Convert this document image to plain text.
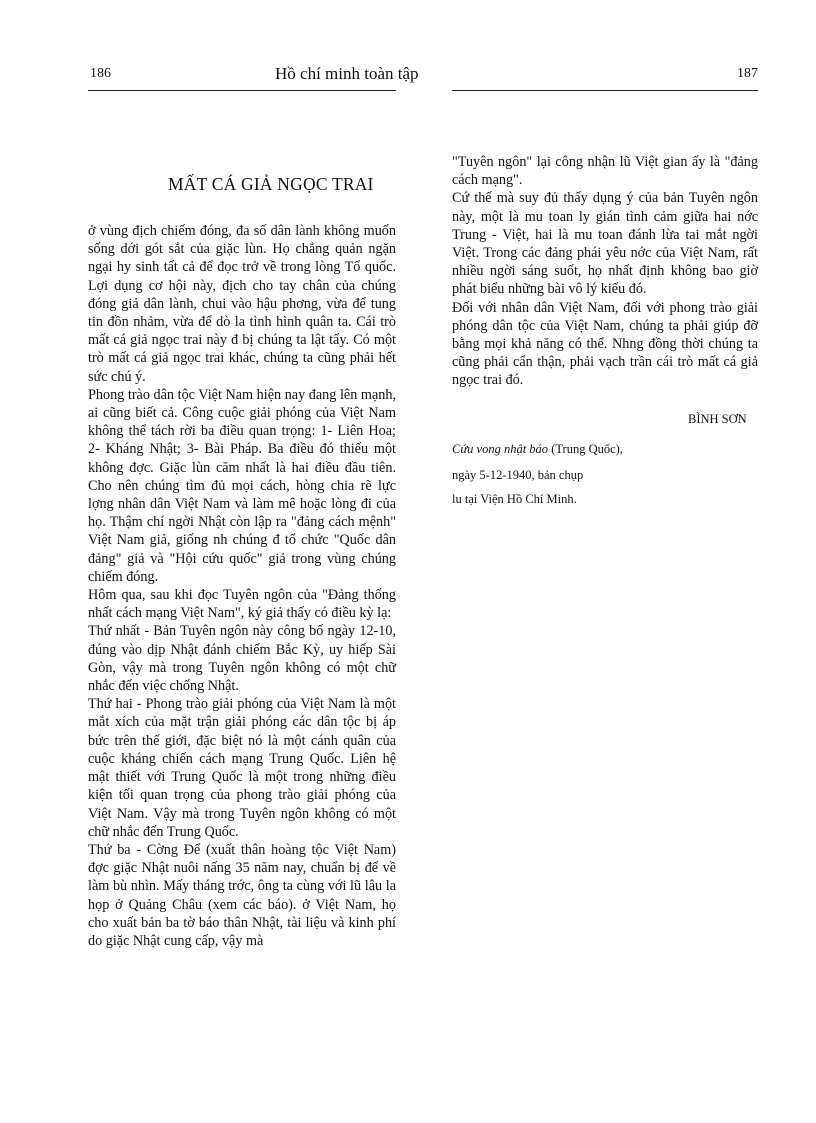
186	Hồ chí minh toàn tập	187
MẤT CÁ GIẢ NGỌC TRAI

ở vùng địch chiếm đóng, đa số dân lành không muốn sống dới gót sắt của giặc lùn. Họ chẳng quản ngặn ngại hy sinh tất cả để đọc trở về trong lòng Tổ quốc. Lợi dụng cơ hội này, địch cho tay chân của chúng đóng giả dân lành, chui vào hậu phơng, vừa để tung tin đồn nhảm, vừa để dò la tình hình quân ta. Cái trò mất cá giả ngọc trai này đ bị chúng ta lật tẩy. Có một trò mất cá giả ngọc trai khác, chúng ta cũng phải hết sức chú ý.

Phong trào dân tộc Việt Nam hiện nay đang lên mạnh, ai cũng biết cả. Công cuộc giải phóng của Việt Nam không thể tách rời ba điều quan trọng: 1- Liên Hoa; 2- Kháng Nhật; 3- Bài Pháp. Ba điều đó thiếu một không đợc. Giặc lùn căm nhất là hai điều đầu tiên. Cho nên chúng tìm đủ mọi cách, hòng chia rẽ lực lợng nhân dân Việt Nam và làm mê hoặc lòng đi của họ. Thậm chí ngời Nhật còn lập ra "đảng cách mệnh" Việt Nam giả, giống nh chúng đ tổ chức "Quốc dân đảng" giả và "Hội cứu quốc" giả trong vùng chúng chiếm đóng.

Hôm qua, sau khi đọc Tuyên ngôn của "Đảng thống nhất cách mạng Việt Nam", ký giả thấy có điều kỳ lạ:

Thứ nhất - Bản Tuyên ngôn này công bố ngày 12-10, đúng vào dịp Nhật đánh chiếm Bắc Kỳ, uy hiếp Sài Gòn, vậy mà trong Tuyên ngôn không có một chữ nhắc đến việc chống Nhật.

Thứ hai - Phong trào giải phóng của Việt Nam là một mắt xích của mặt trận giải phóng các dân tộc bị áp bức trên thế giới, đặc biệt nó là một cánh quân của cuộc kháng chiến cách mạng Trung Quốc. Liên hệ mật thiết với Trung Quốc là một trong những điều kiện tối quan trọng của phong trào giải phóng của Việt Nam. Vậy mà trong Tuyên ngôn không có một chữ nhắc đến Trung Quốc.

Thứ ba - Cờng Để (xuất thân hoàng tộc Việt Nam) đợc giặc Nhật nuôi nấng 35 năm nay, chuẩn bị để về làm bù nhìn. Mấy tháng trớc, ông ta cùng với lũ lâu la họp ở Quảng Châu (xem các báo). ở Việt Nam, họ cho xuất bản ba tờ báo thân Nhật, tài liệu và kinh phí do giặc Nhật cung cấp, vậy mà

"Tuyên ngôn" lại công nhận lũ Việt gian ấy là "đảng cách mạng".

Cứ thế mà suy đủ thấy dụng ý của bản Tuyên ngôn này, một là mu toan ly gián tình cảm giữa hai nớc Trung - Việt, hai là mu toan đánh lừa tai mắt ngời Việt. Trong các đảng phái yêu nớc của Việt Nam, rất nhiều ngời sáng suốt, họ nhất định không bao giờ phát biểu những bài vô lý kiểu đó.

Đối với nhân dân Việt Nam, đối với phong trào giải phóng dân tộc của Việt Nam, chúng ta phải giúp đỡ bằng mọi khả năng có thể. Nhng đồng thời chúng ta cũng phải cẩn thận, phải vạch trần cái trò mất cá giả ngọc trai đó.

BÌNH SƠN
Cứu vong nhật báo (Trung Quốc),
ngày 5-12-1940, bản chụp
lu tại Viện Hồ Chí Minh.
